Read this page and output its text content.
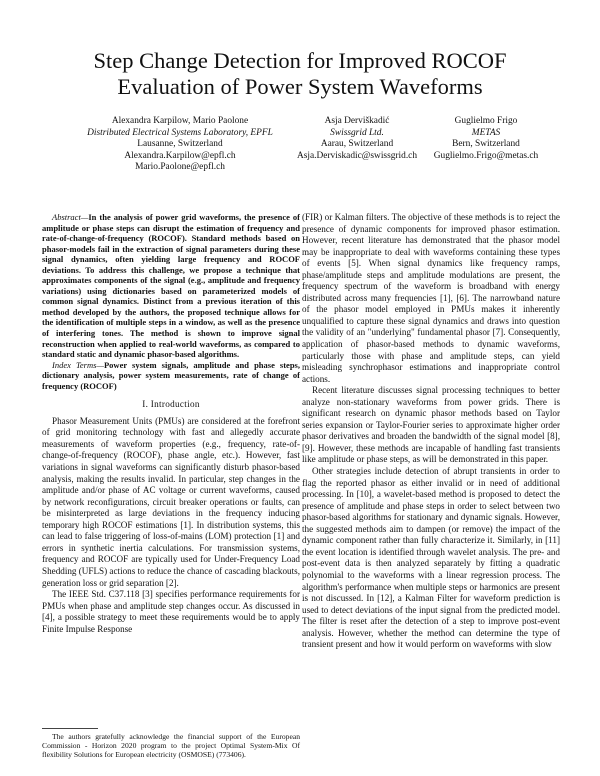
Step Change Detection for Improved ROCOF
Evaluation of Power System Waveforms
Alexandra Karpilow, Mario Paolone
Distributed Electrical Systems Laboratory, EPFL
Lausanne, Switzerland
Alexandra.Karpilow@epfl.ch
Mario.Paolone@epfl.ch
Asja Derviškadić
Swissgrid Ltd.
Aarau, Switzerland
Asja.Derviskadic@swissgrid.ch
Guglielmo Frigo
METAS
Bern, Switzerland
Guglielmo.Frigo@metas.ch

Abstract—In the analysis of power grid waveforms, the presence of amplitude or phase steps can disrupt the estimation of frequency and rate-of-change-of-frequency (ROCOF). Standard methods based on phasor-models fail in the extraction of signal parameters during these signal dynamics, often yielding large frequency and ROCOF deviations. To address this challenge, we propose a technique that approximates components of the signal (e.g., amplitude and frequency variations) using dictionaries based on parameterized models of common signal dynamics. Distinct from a previous iteration of this method developed by the authors, the proposed technique allows for the identification of multiple steps in a window, as well as the presence of interfering tones. The method is shown to improve signal reconstruction when applied to real-world waveforms, as compared to standard static and dynamic phasor-based algorithms.

Index Terms—Power system signals, amplitude and phase steps, dictionary analysis, power system measurements, rate of change of frequency (ROCOF)

I. Introduction

Phasor Measurement Units (PMUs) are considered at the forefront of grid monitoring technology with fast and allegedly accurate measurements of waveform properties (e.g., frequency, rate-of-change-of-frequency (ROCOF), phase angle, etc.). However, fast variations in signal waveforms can significantly disturb phasor-based analysis, making the results invalid. In particular, step changes in the amplitude and/or phase of AC voltage or current waveforms, caused by network reconfigurations, circuit breaker operations or faults, can be misinterpreted as large deviations in the frequency inducing temporary high ROCOF estimations [1]. In distribution systems, this can lead to false triggering of loss-of-mains (LOM) protection [1] and errors in synthetic inertia calculations. For transmission systems, frequency and ROCOF are typically used for Under-Frequency Load Shedding (UFLS) actions to reduce the chance of cascading blackouts, generation loss or grid separation [2].

The IEEE Std. C37.118 [3] specifies performance requirements for PMUs when phase and amplitude step changes occur. As discussed in [4], a possible strategy to meet these requirements would be to apply Finite Impulse Response

The authors gratefully acknowledge the financial support of the European Commission - Horizon 2020 program to the project Optimal System-Mix Of flexibility Solutions for European electricity (OSMOSE) (773406).

(FIR) or Kalman filters. The objective of these methods is to reject the presence of dynamic components for improved phasor estimation. However, recent literature has demonstrated that the phasor model may be inappropriate to deal with waveforms containing these types of events [5]. When signal dynamics like frequency ramps, phase/amplitude steps and amplitude modulations are present, the frequency spectrum of the waveform is broadband with energy distributed across many frequencies [1], [6]. The narrowband nature of the phasor model employed in PMUs makes it inherently unqualified to capture these signal dynamics and draws into question the validity of an "underlying" fundamental phasor [7]. Consequently, application of phasor-based methods to dynamic waveforms, particularly those with phase and amplitude steps, can yield misleading synchrophasor estimations and inappropriate control actions.

Recent literature discusses signal processing techniques to better analyze non-stationary waveforms from power grids. There is significant research on dynamic phasor methods based on Taylor series expansion or Taylor-Fourier series to approximate higher order phasor derivatives and broaden the bandwidth of the signal model [8], [9]. However, these methods are incapable of handling fast transients like amplitude or phase steps, as will be demonstrated in this paper.

Other strategies include detection of abrupt transients in order to flag the reported phasor as either invalid or in need of additional processing. In [10], a wavelet-based method is proposed to detect the presence of amplitude and phase steps in order to select between two phasor-based algorithms for stationary and dynamic signals. However, the suggested methods aim to dampen (or remove) the impact of the dynamic component rather than fully characterize it. Similarly, in [11] the event location is identified through wavelet analysis. The pre- and post-event data is then analyzed separately by fitting a quadratic polynomial to the waveforms with a linear regression process. The algorithm's performance when multiple steps or harmonics are present is not discussed. In [12], a Kalman Filter for waveform prediction is used to detect deviations of the input signal from the predicted model. The filter is reset after the detection of a step to improve post-event analysis. However, whether the method can determine the type of transient present and how it would perform on waveforms with slow
